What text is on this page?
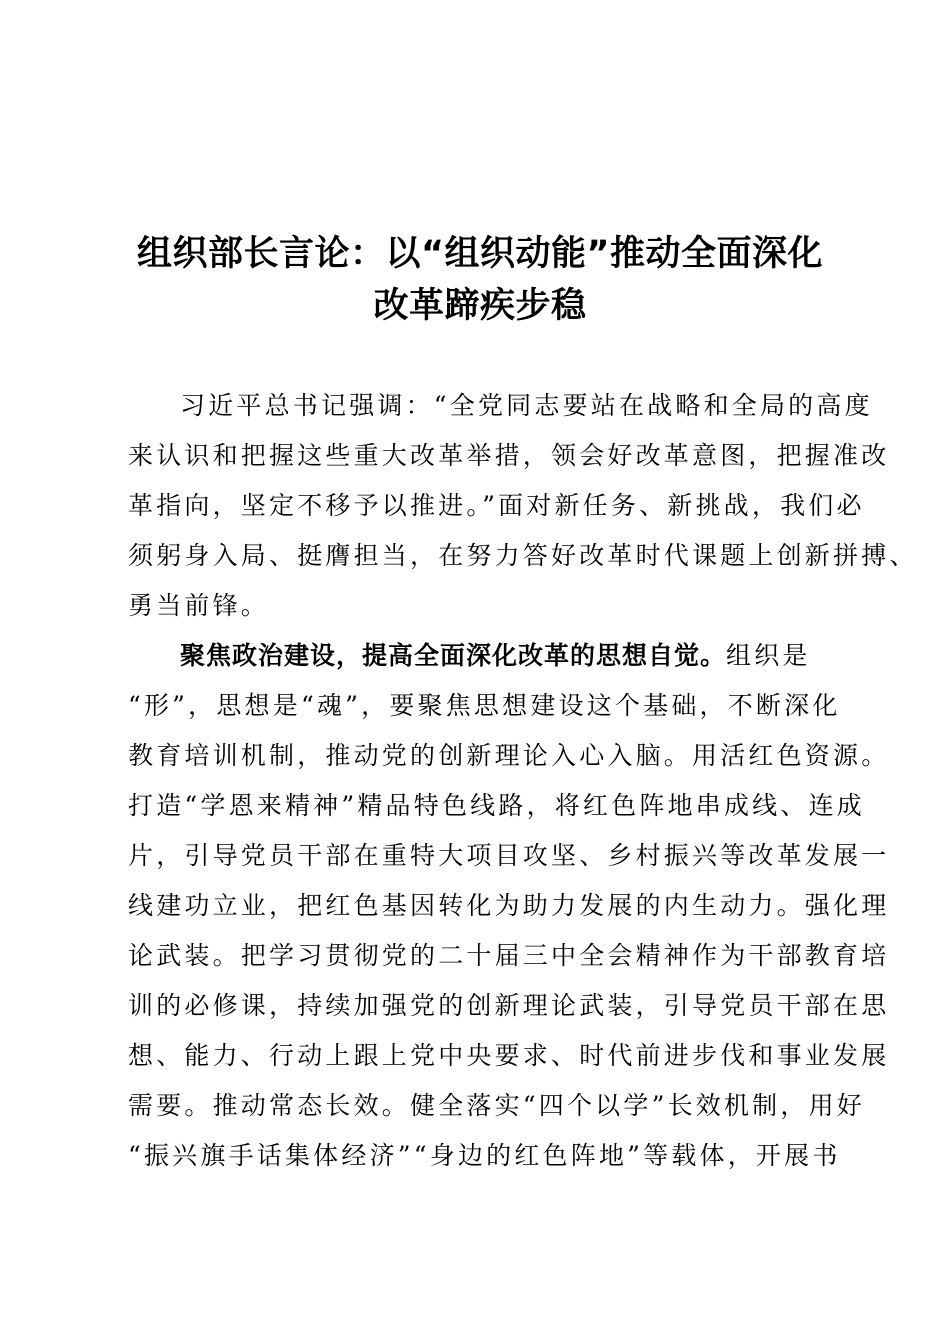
组织部长言论：以“组织动能”推动全面深化
改革蹄疾步稳
习近平总书记强调：“全党同志要站在战略和全局的高度
来认识和把握这些重大改革举措，领会好改革意图，把握准改
革指向，坚定不移予以推进。”面对新任务、新挑战，我们必
须躬身入局、挺膺担当，在努力答好改革时代课题上创新拼搏、
勇当前锋。
聚焦政治建设，提高全面深化改革的思想自觉。组织是
“形”，思想是“魂”，要聚焦思想建设这个基础，不断深化
教育培训机制，推动党的创新理论入心入脑。用活红色资源。
打造“学恩来精神”精品特色线路，将红色阵地串成线、连成
片，引导党员干部在重特大项目攻坚、乡村振兴等改革发展一
线建功立业，把红色基因转化为助力发展的内生动力。强化理
论武装。把学习贯彻党的二十届三中全会精神作为干部教育培
训的必修课，持续加强党的创新理论武装，引导党员干部在思
想、能力、行动上跟上党中央要求、时代前进步伐和事业发展
需要。推动常态长效。健全落实“四个以学”长效机制，用好
“振兴旗手话集体经济”“身边的红色阵地”等载体，开展书
